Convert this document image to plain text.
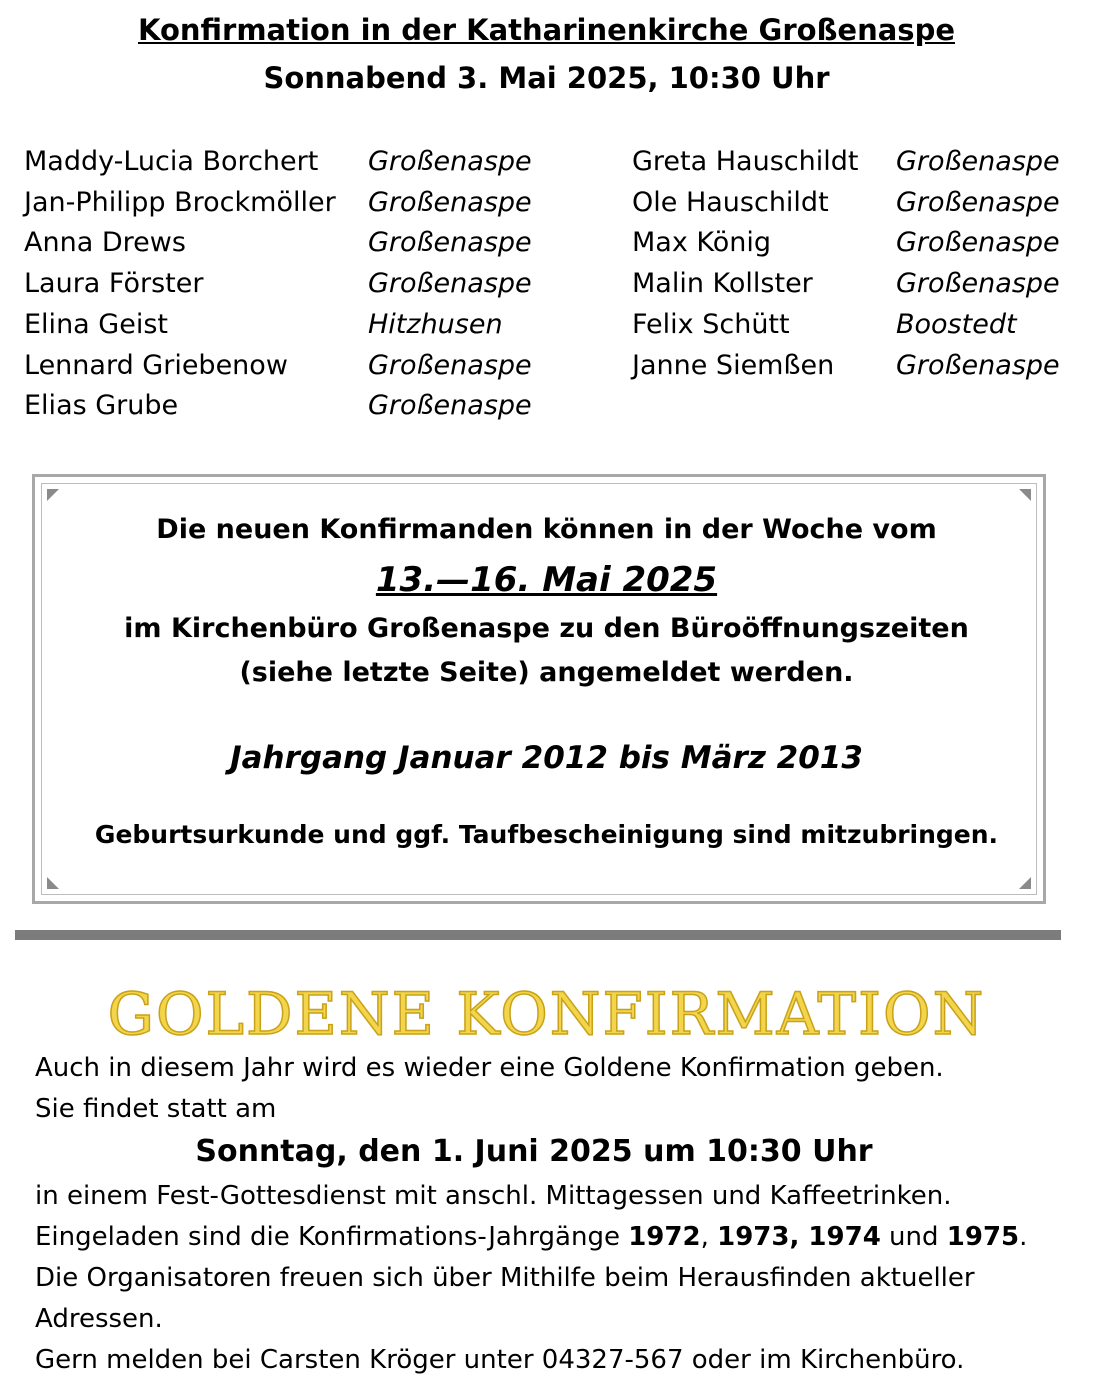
Konfirmation in der Katharinenkirche Großenaspe
Sonnabend 3. Mai 2025, 10:30 Uhr
Maddy-Lucia Borchert	Großenaspe
Jan-Philipp Brockmöller	Großenaspe
Anna Drews	Großenaspe
Laura Förster	Großenaspe
Elina Geist	Hitzhusen
Lennard Griebenow	Großenaspe
Elias Grube	Großenaspe
Greta Hauschildt	Großenaspe
Ole Hauschildt	Großenaspe
Max König	Großenaspe
Malin Kollster	Großenaspe
Felix Schütt	Boostedt
Janne Siemßen	Großenaspe
Die neuen Konfirmanden können in der Woche vom
13.—16. Mai 2025
im Kirchenbüro Großenaspe zu den Büroöffnungszeiten
(siehe letzte Seite) angemeldet werden.
Jahrgang Januar 2012 bis März 2013
Geburtsurkunde und ggf. Taufbescheinigung sind mitzubringen.
GOLDENE KONFIRMATION
Auch in diesem Jahr wird es wieder eine Goldene Konfirmation geben.
Sie findet statt am
Sonntag, den 1. Juni 2025 um 10:30 Uhr
in einem Fest-Gottesdienst mit anschl. Mittagessen und Kaffeetrinken.
Eingeladen sind die Konfirmations-Jahrgänge 1972, 1973, 1974 und 1975.
Die Organisatoren freuen sich über Mithilfe beim Herausfinden aktueller
Adressen.
Gern melden bei Carsten Kröger unter 04327-567 oder im Kirchenbüro.
